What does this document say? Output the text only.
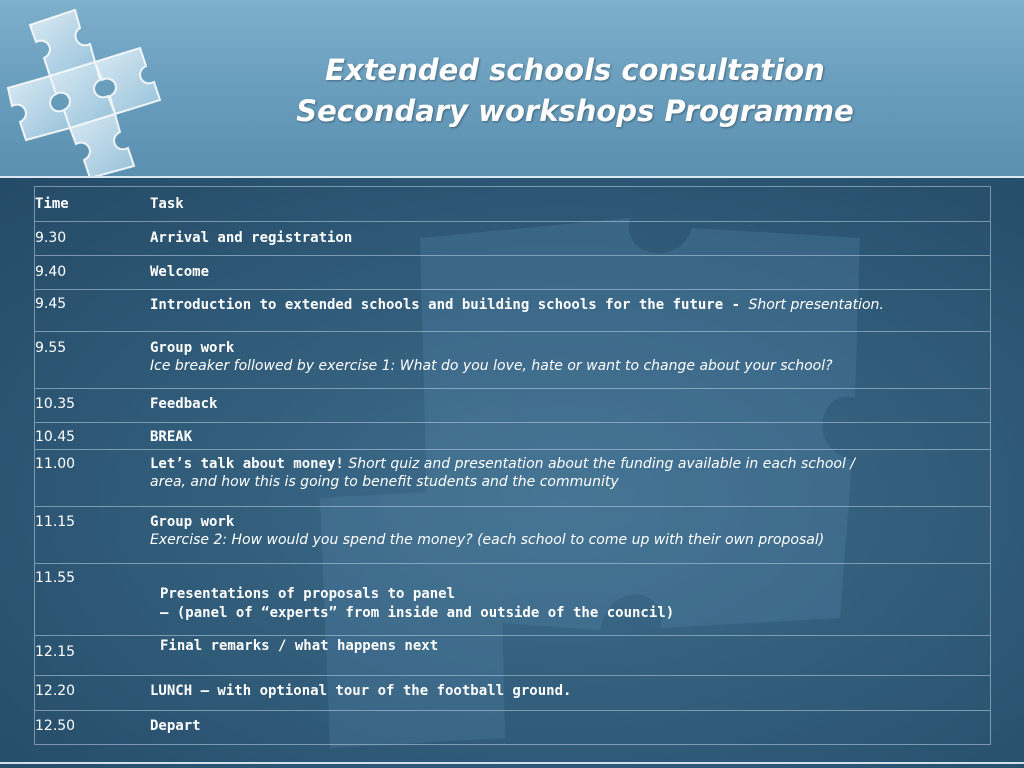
Extended schools consultation
Secondary workshops Programme
Time	Task

9.30	Arrival and registration

9.40	Welcome

9.45	Introduction to extended schools and building schools for the future - Short presentation.

9.55	Group work
Ice breaker followed by exercise 1: What do you love, hate or want to change about your school?

10.35	Feedback

10.45	BREAK

11.00	Let’s talk about money! Short quiz and presentation about the funding available in each school /
area, and how this is going to benefit students and the community

11.15	Group work
Exercise 2: How would you spend the money? (each school to come up with their own proposal)

11.55	Presentations of proposals to panel
– (panel of “experts” from inside and outside of the council)

12.15	Final remarks / what happens next

12.20	LUNCH – with optional tour of the football ground.

12.50	Depart
